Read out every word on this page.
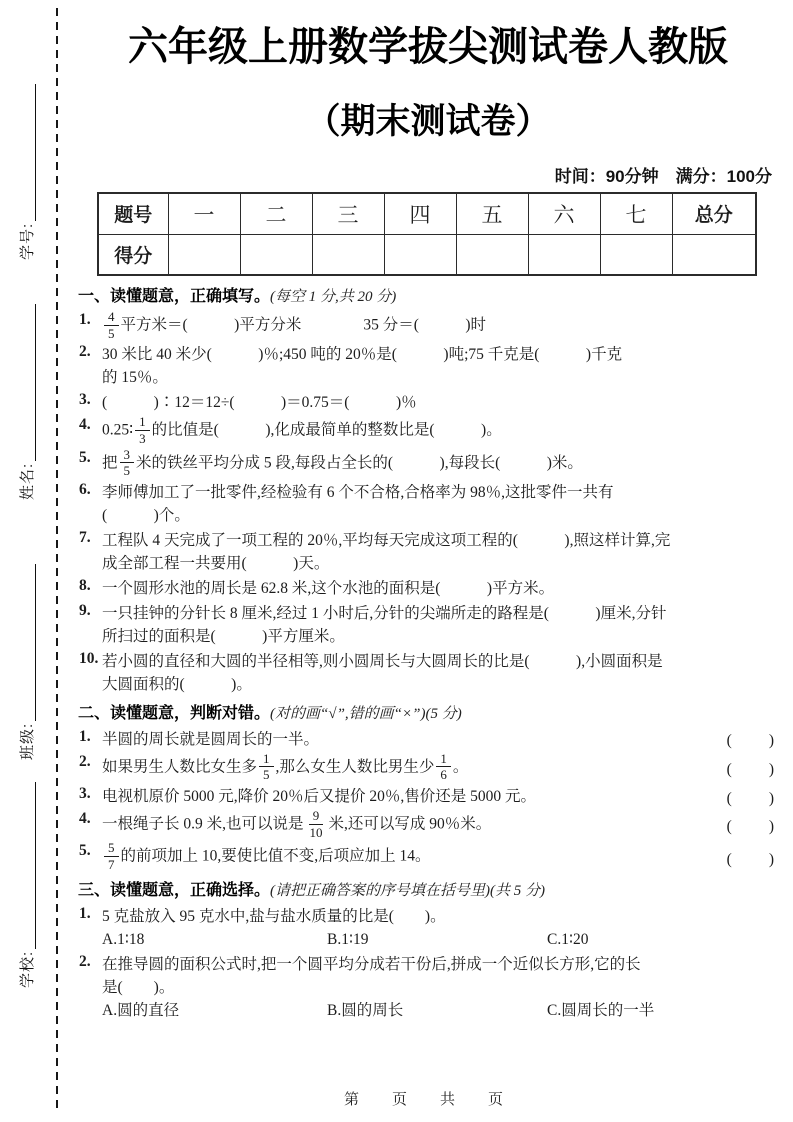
学号:
姓名:
班级:
学校:
六年级上册数学拔尖测试卷人教版
（期末测试卷）
时间：90分钟　满分：100分
题号	一	二	三	四	五	六	七	总分
得分								
一、读懂题意，正确填写。(每空 1 分,共 20 分)
1.	$\frac{4}{5}$ 平方米＝(　　　)平方分米　　　　35 分＝(　　　)时
2. 30 米比 40 米少(　　　)％;450 吨的 20％是(　　　)吨;75 千克是(　　　)千克
的 15％。
3. (　　　)∶12＝12÷(　　　)＝0.75＝(　　　)％
4. 0.25∶ $\frac{1}{3}$ 的比值是(　　　),化成最简单的整数比是(　　　)。
5. 把 $\frac{3}{5}$ 米的铁丝平均分成 5 段,每段占全长的(　　　),每段长(　　　)米。
6. 李师傅加工了一批零件,经检验有 6 个不合格,合格率为 98％,这批零件一共有
(　　　)个。
7. 工程队 4 天完成了一项工程的 20％,平均每天完成这项工程的(　　　),照这样计算,完
成全部工程一共要用(　　　)天。
8. 一个圆形水池的周长是 62.8 米,这个水池的面积是(　　　)平方米。
9. 一只挂钟的分针长 8 厘米,经过 1 小时后,分针的尖端所走的路程是(　　　)厘米,分针
所扫过的面积是(　　　)平方厘米。
10. 若小圆的直径和大圆的半径相等,则小圆周长与大圆周长的比是(　　　),小圆面积是
大圆面积的(　　　)。
二、读懂题意，判断对错。(对的画“√”,错的画“×”)(5 分)
1. 半圆的周长就是圆周长的一半。	(　　)
2. 如果男生人数比女生多 $\frac{1}{5}$ ,那么女生人数比男生少 $\frac{1}{6}$ 。	(　　)
3. 电视机原价 5000 元,降价 20％后又提价 20％,售价还是 5000 元。	(　　)
4. 一根绳子长 0.9 米,也可以说是 $\frac{9}{10}$ 米,还可以写成 90％米。	(　　)
5.	$\frac{5}{7}$ 的前项加上 10,要使比值不变,后项应加上 14。	(　　)
三、读懂题意，正确选择。(请把正确答案的序号填在括号里)(共 5 分)
1. 5 克盐放入 95 克水中,盐与盐水质量的比是(　　)。
A.1∶18	B.1∶19	C.1∶20
2. 在推导圆的面积公式时,把一个圆平均分成若干份后,拼成一个近似长方形,它的长
是(　　)。
A.圆的直径	B.圆的周长	C.圆周长的一半
第　页　共　页
